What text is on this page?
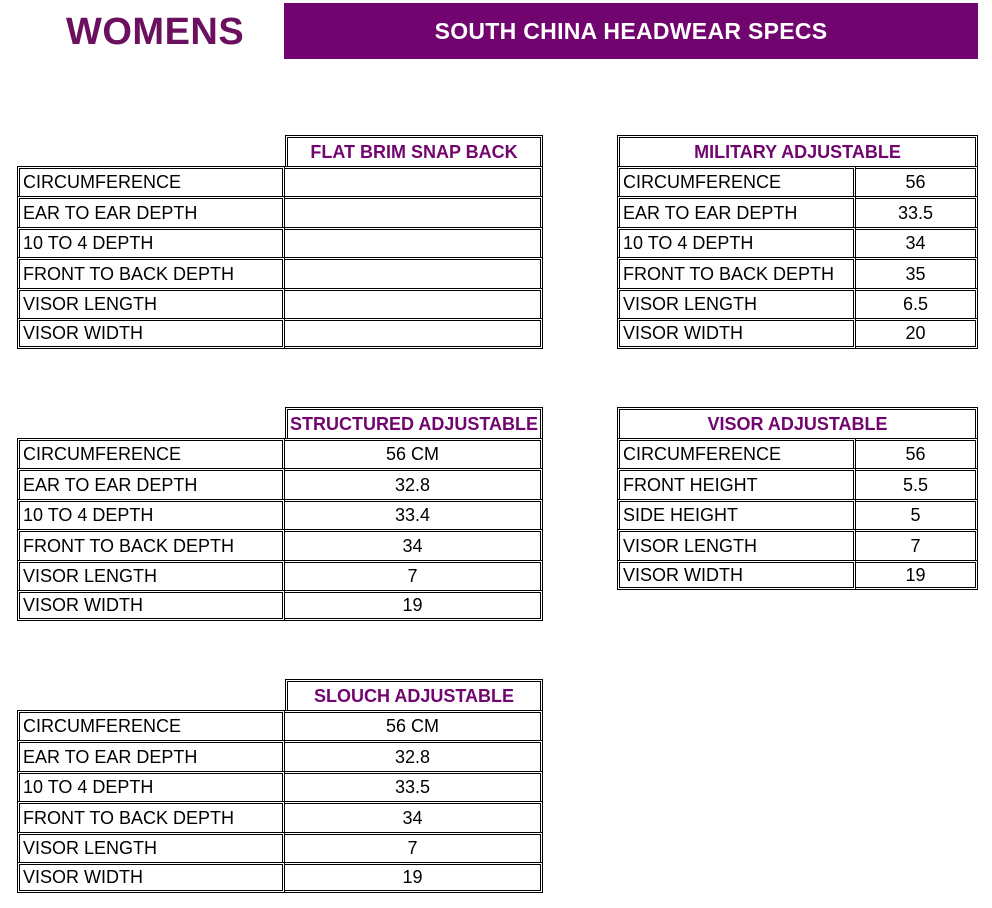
WOMENS	SOUTH CHINA HEADWEAR SPECS
	FLAT BRIM SNAP BACK
CIRCUMFERENCE	
EAR TO EAR DEPTH	
10 TO 4 DEPTH	
FRONT TO BACK DEPTH	
VISOR LENGTH	
VISOR WIDTH	
	STRUCTURED ADJUSTABLE
CIRCUMFERENCE	56 CM
EAR TO EAR DEPTH	32.8
10 TO 4 DEPTH	33.4
FRONT TO BACK DEPTH	34
VISOR LENGTH	7
VISOR WIDTH	19
	SLOUCH ADJUSTABLE
CIRCUMFERENCE	56 CM
EAR TO EAR DEPTH	32.8
10 TO 4 DEPTH	33.5
FRONT TO BACK DEPTH	34
VISOR LENGTH	7
VISOR WIDTH	19
MILITARY ADJUSTABLE	
CIRCUMFERENCE	56
EAR TO EAR DEPTH	33.5
10 TO 4 DEPTH	34
FRONT TO BACK DEPTH	35
VISOR LENGTH	6.5
VISOR WIDTH	20
VISOR ADJUSTABLE	
CIRCUMFERENCE	56
FRONT HEIGHT	5.5
SIDE HEIGHT	5
VISOR LENGTH	7
VISOR WIDTH	19
